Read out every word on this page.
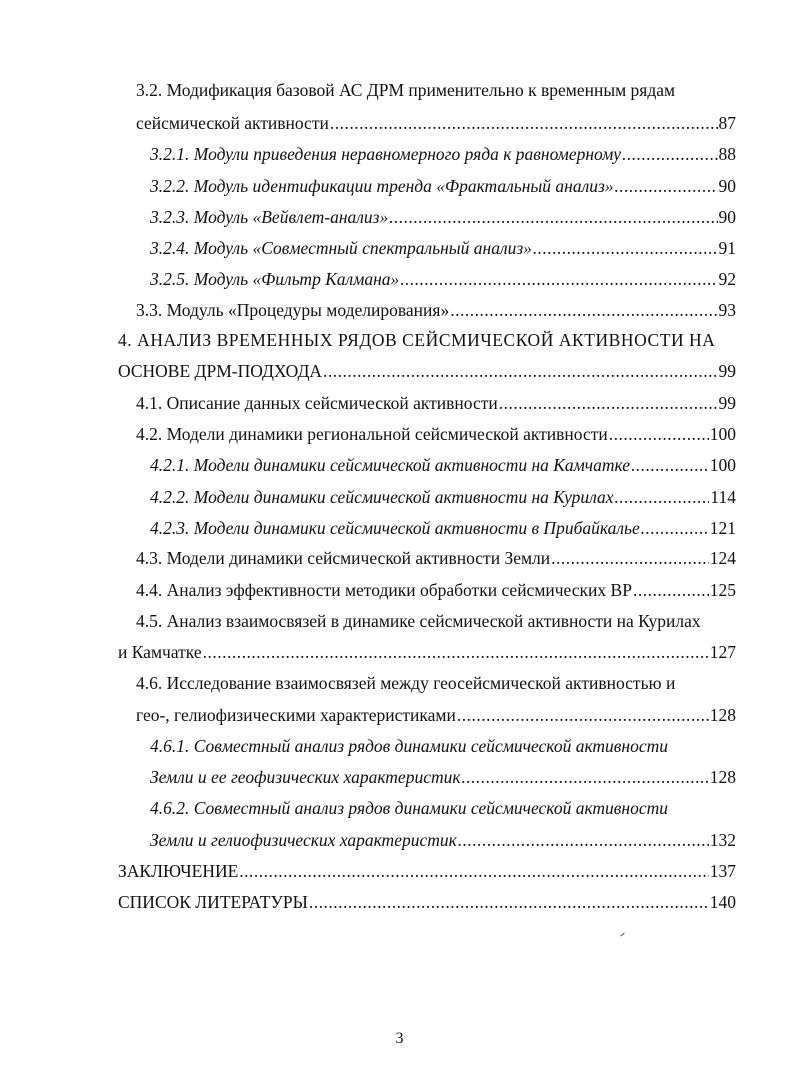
3.2. Модификация базовой АС ДРМ применительно к временным рядам
сейсмической активности .....	87
3.2.1. Модули приведения неравномерного ряда к равномерному .....	88
3.2.2. Модуль идентификации тренда «Фрактальный анализ» .....	90
3.2.3. Модуль «Вейвлет-анализ» .....	90
3.2.4. Модуль «Совместный спектральный анализ» .....	91
3.2.5. Модуль «Фильтр Калмана» .....	92
3.3. Модуль «Процедуры моделирования» .....	93
4. АНАЛИЗ ВРЕМЕННЫХ РЯДОВ СЕЙСМИЧЕСКОЙ АКТИВНОСТИ НА
ОСНОВЕ ДРМ-ПОДХОДА .....	99
4.1. Описание данных сейсмической активности .....	99
4.2. Модели динамики региональной сейсмической активности .....	100
4.2.1. Модели динамики сейсмической активности на Камчатке .....	100
4.2.2. Модели динамики сейсмической активности на Курилах .....	114
4.2.3. Модели динамики сейсмической активности в Прибайкалье .....	121
4.3. Модели динамики сейсмической активности Земли .....	124
4.4. Анализ эффективности методики обработки сейсмических ВР .....	125
4.5. Анализ взаимосвязей в динамике сейсмической активности на Курилах
и Камчатке .....	127
4.6. Исследование взаимосвязей между геосейсмической активностью и
гео-, гелиофизическими характеристиками .....	128
4.6.1. Совместный анализ рядов динамики сейсмической активности
Земли и ее геофизических характеристик .....	128
4.6.2. Совместный анализ рядов динамики сейсмической активности
Земли и гелиофизических характеристик .....	132
ЗАКЛЮЧЕНИЕ .....	137
СПИСОК ЛИТЕРАТУРЫ .....	140
3
